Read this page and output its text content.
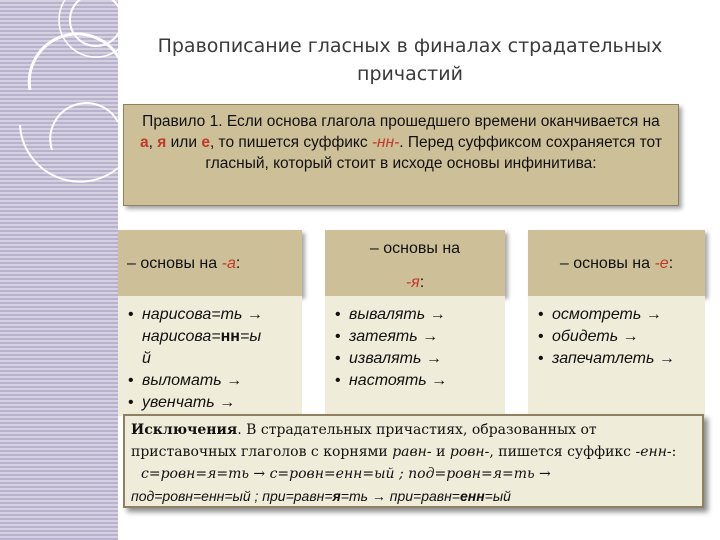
Правописание гласных в финалах страдательных
причастий
Правило 1. Если основа глагола прошедшего времени оканчивается на а, я или е, то пишется суффикс -нн-. Перед суффиксом сохраняется тот гласный, который стоит в исходе основы инфинитива:
– основы на -а:
– основы на
-я:
– основы на -е:
• нарисова=ть →
нарисова=нн=ы
й
• выломать →
• увенчать →
• вывалять →
• затеять →
• извалять →
• настоять →
• осмотреть →
• обидеть →
• запечатлеть →
Исключения. В страдательных причастиях, образованных от приставочных глаголов с корнями равн- и ровн-, пишется суффикс -енн-:
с=ровн=я=ть → с=ровн=енн=ый ; под=ровн=я=ть →
под=ровн=енн=ый ; при=равн=я=ть → при=равн=енн=ый
